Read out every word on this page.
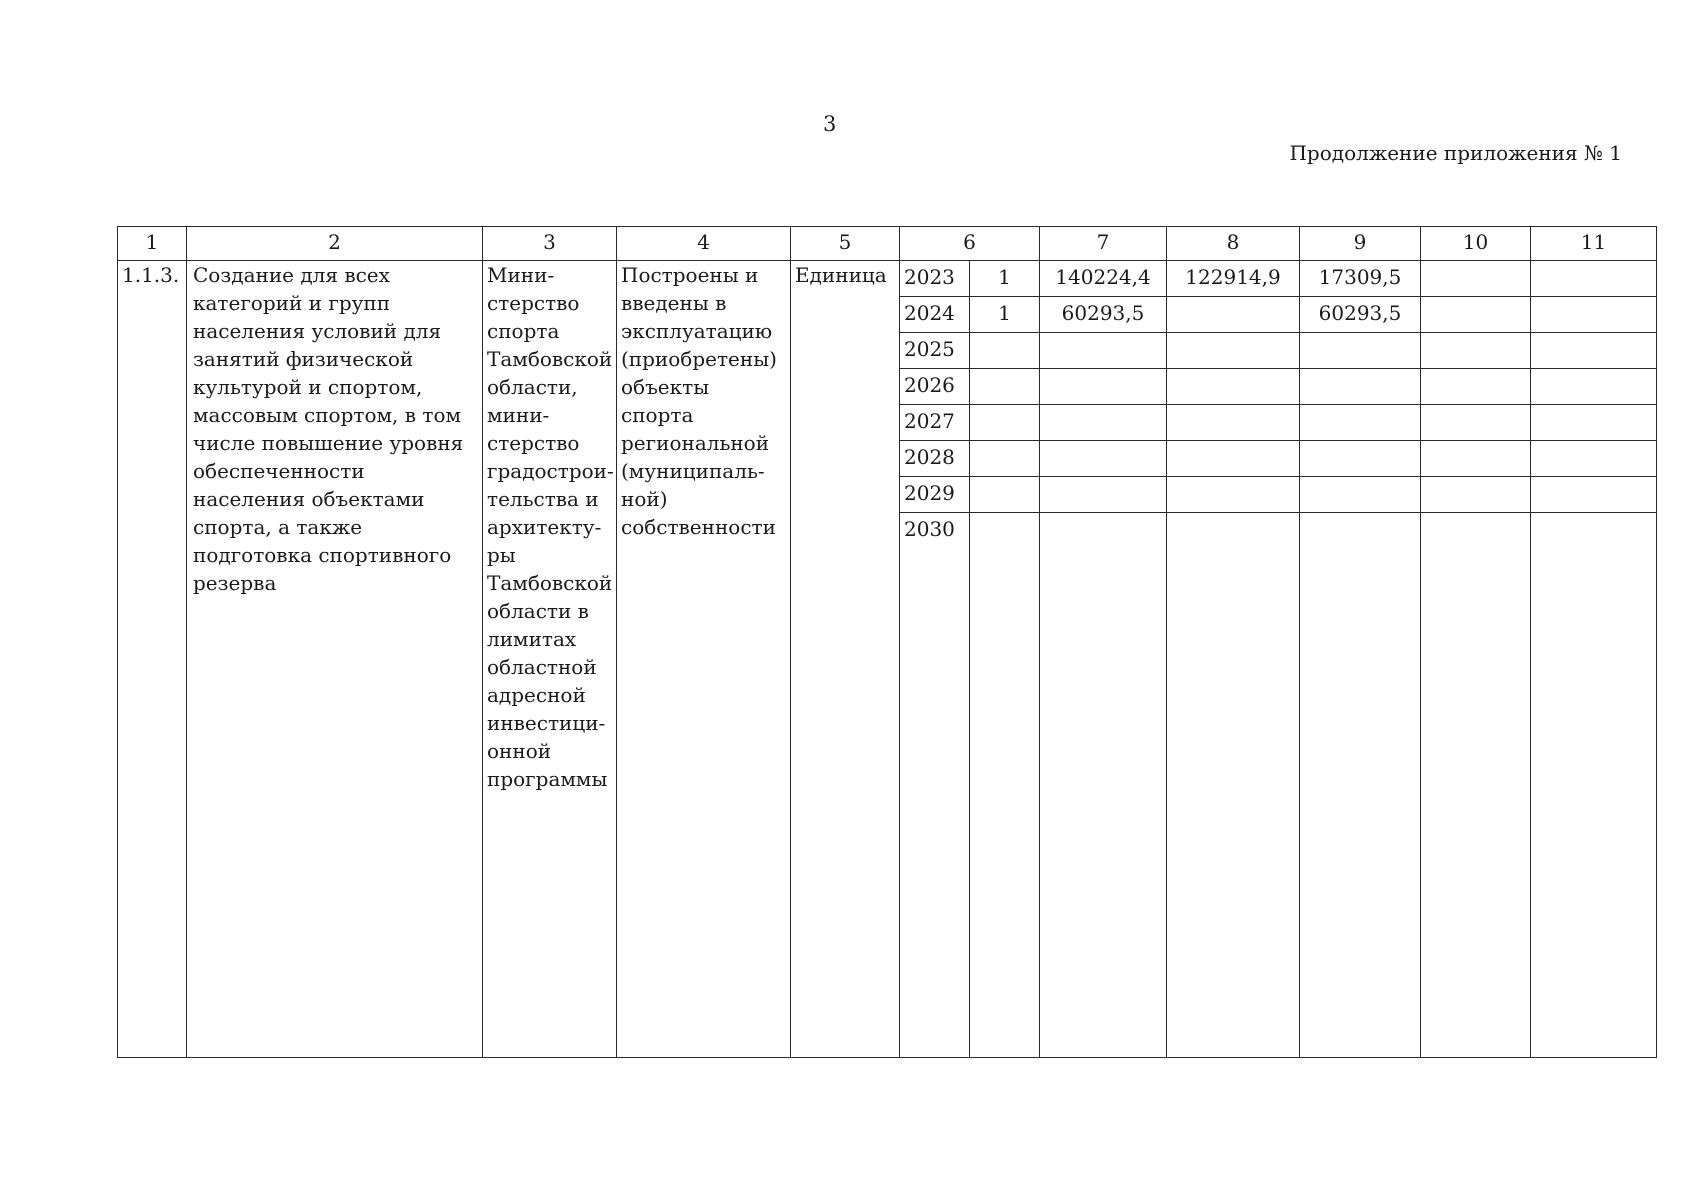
3
Продолжение приложения № 1
1	2	3	4	5	6		7	8	9	10	11
1.1.3.	Создание для всех категорий и групп населения условий для занятий физической культурой и спортом, массовым спортом, в том числе повышение уровня обеспеченности населения объектами спорта, а также подготовка спортивного резерва	Мини-стерство спорта Тамбовской области, мини-стерство градострои-тельства и архитекту-ры Тамбовской области в лимитах областной адресной инвестици-онной программы	Построены и введены в эксплуатацию (приобретены) объекты спорта региональной (муниципаль-ной) собственности	Единица	2023	1	140224,4	122914,9	17309,5		
					2024	1	60293,5		60293,5		
					2025						
					2026						
					2027						
					2028						
					2029						
					2030						
